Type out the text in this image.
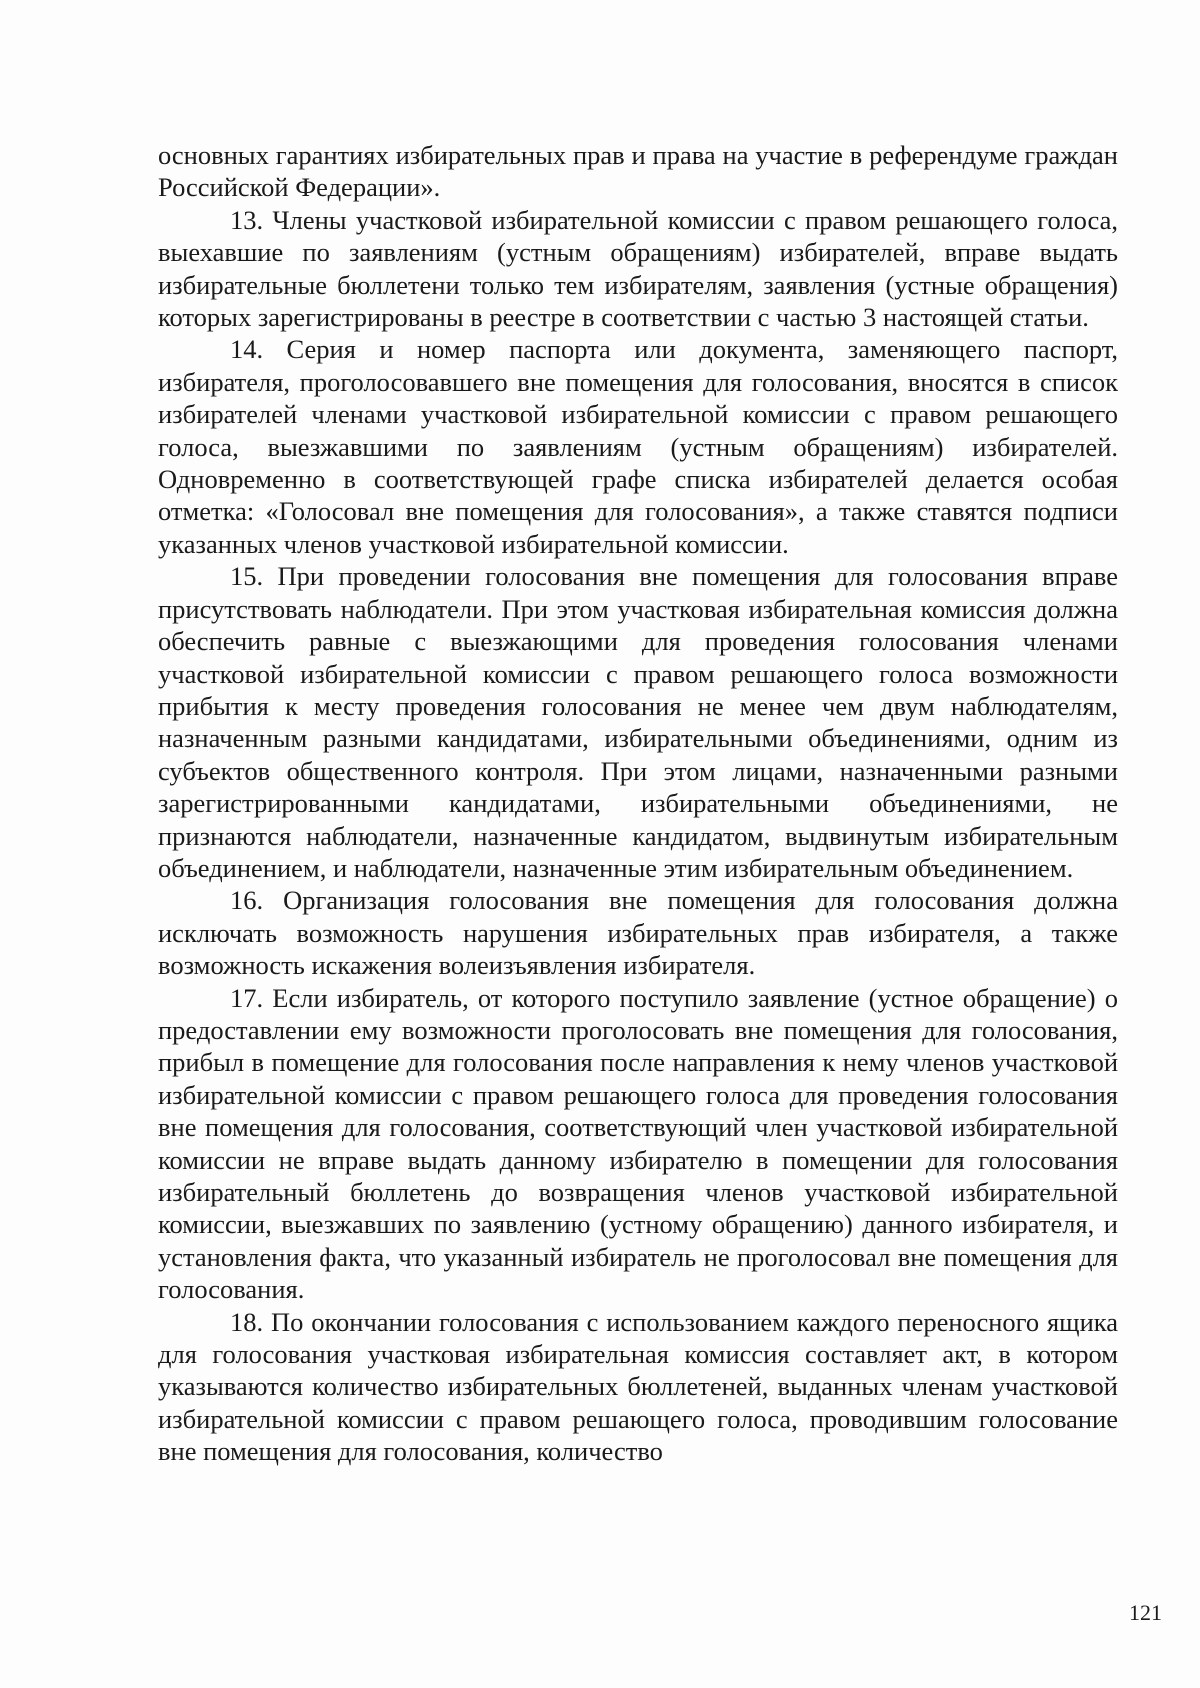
основных гарантиях избирательных прав и права на участие в референдуме граждан Российской Федерации».

13. Члены участковой избирательной комиссии с правом решающего голоса, выехавшие по заявлениям (устным обращениям) избирателей, вправе выдать избирательные бюллетени только тем избирателям, заявления (устные обращения) которых зарегистрированы в реестре в соответствии с частью 3 настоящей статьи.

14. Серия и номер паспорта или документа, заменяющего паспорт, избирателя, проголосовавшего вне помещения для голосования, вносятся в список избирателей членами участковой избирательной комиссии с правом решающего голоса, выезжавшими по заявлениям (устным обращениям) избирателей. Одновременно в соответствующей графе списка избирателей делается особая отметка: «Голосовал вне помещения для голосования», а также ставятся подписи указанных членов участковой избирательной комиссии.

15. При проведении голосования вне помещения для голосования вправе присутствовать наблюдатели. При этом участковая избирательная комиссия должна обеспечить равные с выезжающими для проведения голосования членами участковой избирательной комиссии с правом решающего голоса возможности прибытия к месту проведения голосования не менее чем двум наблюдателям, назначенным разными кандидатами, избирательными объединениями, одним из субъектов общественного контроля. При этом лицами, назначенными разными зарегистрированными кандидатами, избирательными объединениями, не признаются наблюдатели, назначенные кандидатом, выдвинутым избирательным объединением, и наблюдатели, назначенные этим избирательным объединением.

16. Организация голосования вне помещения для голосования должна исключать возможность нарушения избирательных прав избирателя, а также возможность искажения волеизъявления избирателя.

17. Если избиратель, от которого поступило заявление (устное обращение) о предоставлении ему возможности проголосовать вне помещения для голосования, прибыл в помещение для голосования после направления к нему членов участковой избирательной комиссии с правом решающего голоса для проведения голосования вне помещения для голосования, соответствующий член участковой избирательной комиссии не вправе выдать данному избирателю в помещении для голосования избирательный бюллетень до возвращения членов участковой избирательной комиссии, выезжавших по заявлению (устному обращению) данного избирателя, и установления факта, что указанный избиратель не проголосовал вне помещения для голосования.

18. По окончании голосования с использованием каждого переносного ящика для голосования участковая избирательная комиссия составляет акт, в котором указываются количество избирательных бюллетеней, выданных членам участковой избирательной комиссии с правом решающего голоса, проводившим голосование вне помещения для голосования, количество

121
